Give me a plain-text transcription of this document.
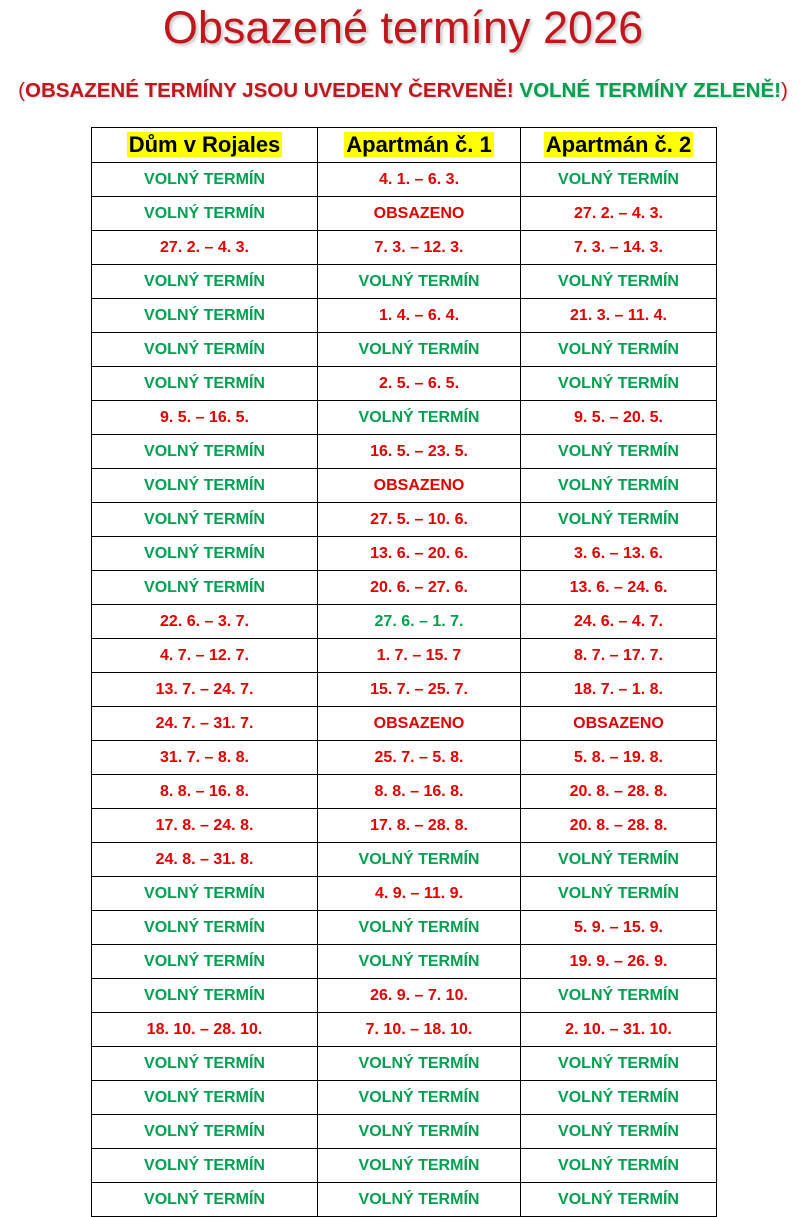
Obsazené termíny 2026
(OBSAZENÉ TERMÍNY JSOU UVEDENY ČERVENĚ! VOLNÉ TERMÍNY ZELENĚ!)
Dům v Rojales	Apartmán č. 1	Apartmán č. 2
VOLNÝ TERMÍN	4. 1. – 6. 3.	VOLNÝ TERMÍN
VOLNÝ TERMÍN	OBSAZENO	27. 2. – 4. 3.
27. 2. – 4. 3.	7. 3. – 12. 3.	7. 3. – 14. 3.
VOLNÝ TERMÍN	VOLNÝ TERMÍN	VOLNÝ TERMÍN
VOLNÝ TERMÍN	1. 4. – 6. 4.	21. 3. – 11. 4.
VOLNÝ TERMÍN	VOLNÝ TERMÍN	VOLNÝ TERMÍN
VOLNÝ TERMÍN	2. 5. – 6. 5.	VOLNÝ TERMÍN
9. 5. – 16. 5.	VOLNÝ TERMÍN	9. 5. – 20. 5.
VOLNÝ TERMÍN	16. 5. – 23. 5.	VOLNÝ TERMÍN
VOLNÝ TERMÍN	OBSAZENO	VOLNÝ TERMÍN
VOLNÝ TERMÍN	27. 5. – 10. 6.	VOLNÝ TERMÍN
VOLNÝ TERMÍN	13. 6. – 20. 6.	3. 6. – 13. 6.
VOLNÝ TERMÍN	20. 6. – 27. 6.	13. 6. – 24. 6.
22. 6. – 3. 7.	27. 6. – 1. 7.	24. 6. – 4. 7.
4. 7. – 12. 7.	1. 7. – 15. 7	8. 7. – 17. 7.
13. 7. – 24. 7.	15. 7. – 25. 7.	18. 7. – 1. 8.
24. 7. – 31. 7.	OBSAZENO	OBSAZENO
31. 7. – 8. 8.	25. 7. – 5. 8.	5. 8. – 19. 8.
8. 8. – 16. 8.	8. 8. – 16. 8.	20. 8. – 28. 8.
17. 8. – 24. 8.	17. 8. – 28. 8.	20. 8. – 28. 8.
24. 8. – 31. 8.	VOLNÝ TERMÍN	VOLNÝ TERMÍN
VOLNÝ TERMÍN	4. 9. – 11. 9.	VOLNÝ TERMÍN
VOLNÝ TERMÍN	VOLNÝ TERMÍN	5. 9. – 15. 9.
VOLNÝ TERMÍN	VOLNÝ TERMÍN	19. 9. – 26. 9.
VOLNÝ TERMÍN	26. 9. – 7. 10.	VOLNÝ TERMÍN
18. 10. – 28. 10.	7. 10. – 18. 10.	2. 10. – 31. 10.
VOLNÝ TERMÍN	VOLNÝ TERMÍN	VOLNÝ TERMÍN
VOLNÝ TERMÍN	VOLNÝ TERMÍN	VOLNÝ TERMÍN
VOLNÝ TERMÍN	VOLNÝ TERMÍN	VOLNÝ TERMÍN
VOLNÝ TERMÍN	VOLNÝ TERMÍN	VOLNÝ TERMÍN
VOLNÝ TERMÍN	VOLNÝ TERMÍN	VOLNÝ TERMÍN
